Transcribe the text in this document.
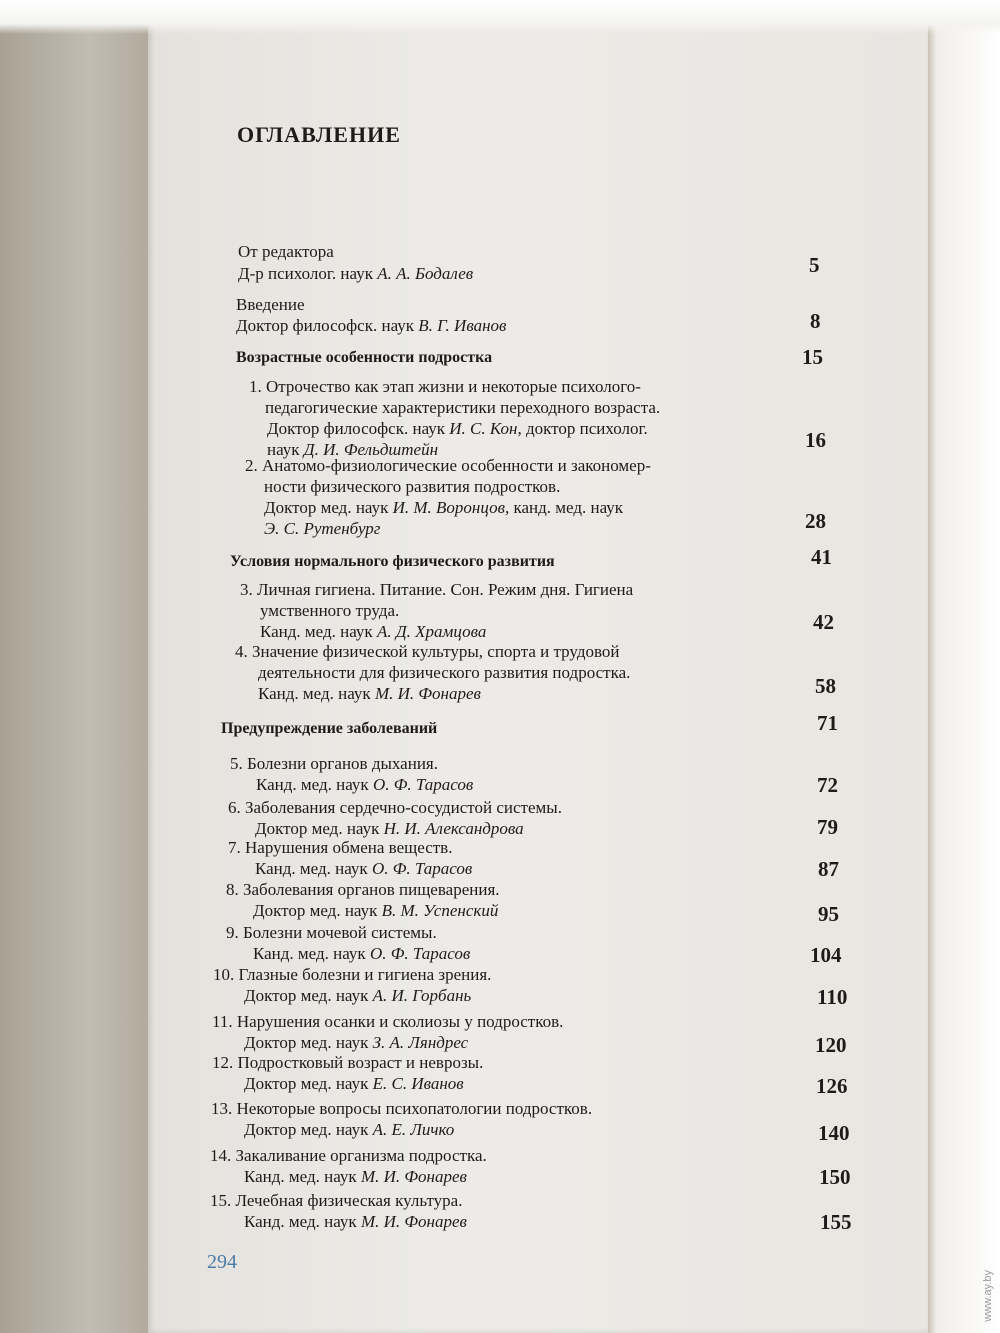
ОГЛАВЛЕНИЕ
От редактора
Д-р психолог. наук А. А. Бодалев	5
Введение
Доктор философск. наук В. Г. Иванов	8
Возрастные особенности подростка	15
1. Отрочество как этап жизни и некоторые психолого-
педагогические характеристики переходного возраста.
Доктор философск. наук И. С. Кон, доктор психолог.
наук Д. И. Фельдштейн	16
2. Анатомо-физиологические особенности и закономер-
ности физического развития подростков.
Доктор мед. наук И. М. Воронцов, канд. мед. наук
Э. С. Рутенбург	28
Условия нормального физического развития	41
3. Личная гигиена. Питание. Сон. Режим дня. Гигиена
умственного труда.
Канд. мед. наук А. Д. Храмцова	42
4. Значение физической культуры, спорта и трудовой
деятельности для физического развития подростка.
Канд. мед. наук М. И. Фонарев	58
Предупреждение заболеваний	71
5. Болезни органов дыхания.
Канд. мед. наук О. Ф. Тарасов	72
6. Заболевания сердечно-сосудистой системы.
Доктор мед. наук Н. И. Александрова	79
7. Нарушения обмена веществ.
Канд. мед. наук О. Ф. Тарасов	87
8. Заболевания органов пищеварения.
Доктор мед. наук В. М. Успенский	95
9. Болезни мочевой системы.
Канд. мед. наук О. Ф. Тарасов	104
10. Глазные болезни и гигиена зрения.
Доктор мед. наук А. И. Горбань	110
11. Нарушения осанки и сколиозы у подростков.
Доктор мед. наук З. А. Ляндрес	120
12. Подростковый возраст и неврозы.
Доктор мед. наук Е. С. Иванов	126
13. Некоторые вопросы психопатологии подростков.
Доктор мед. наук А. Е. Личко	140
14. Закаливание организма подростка.
Канд. мед. наук М. И. Фонарев	150
15. Лечебная физическая культура.
Канд. мед. наук М. И. Фонарев	155
294
www.ay.by
